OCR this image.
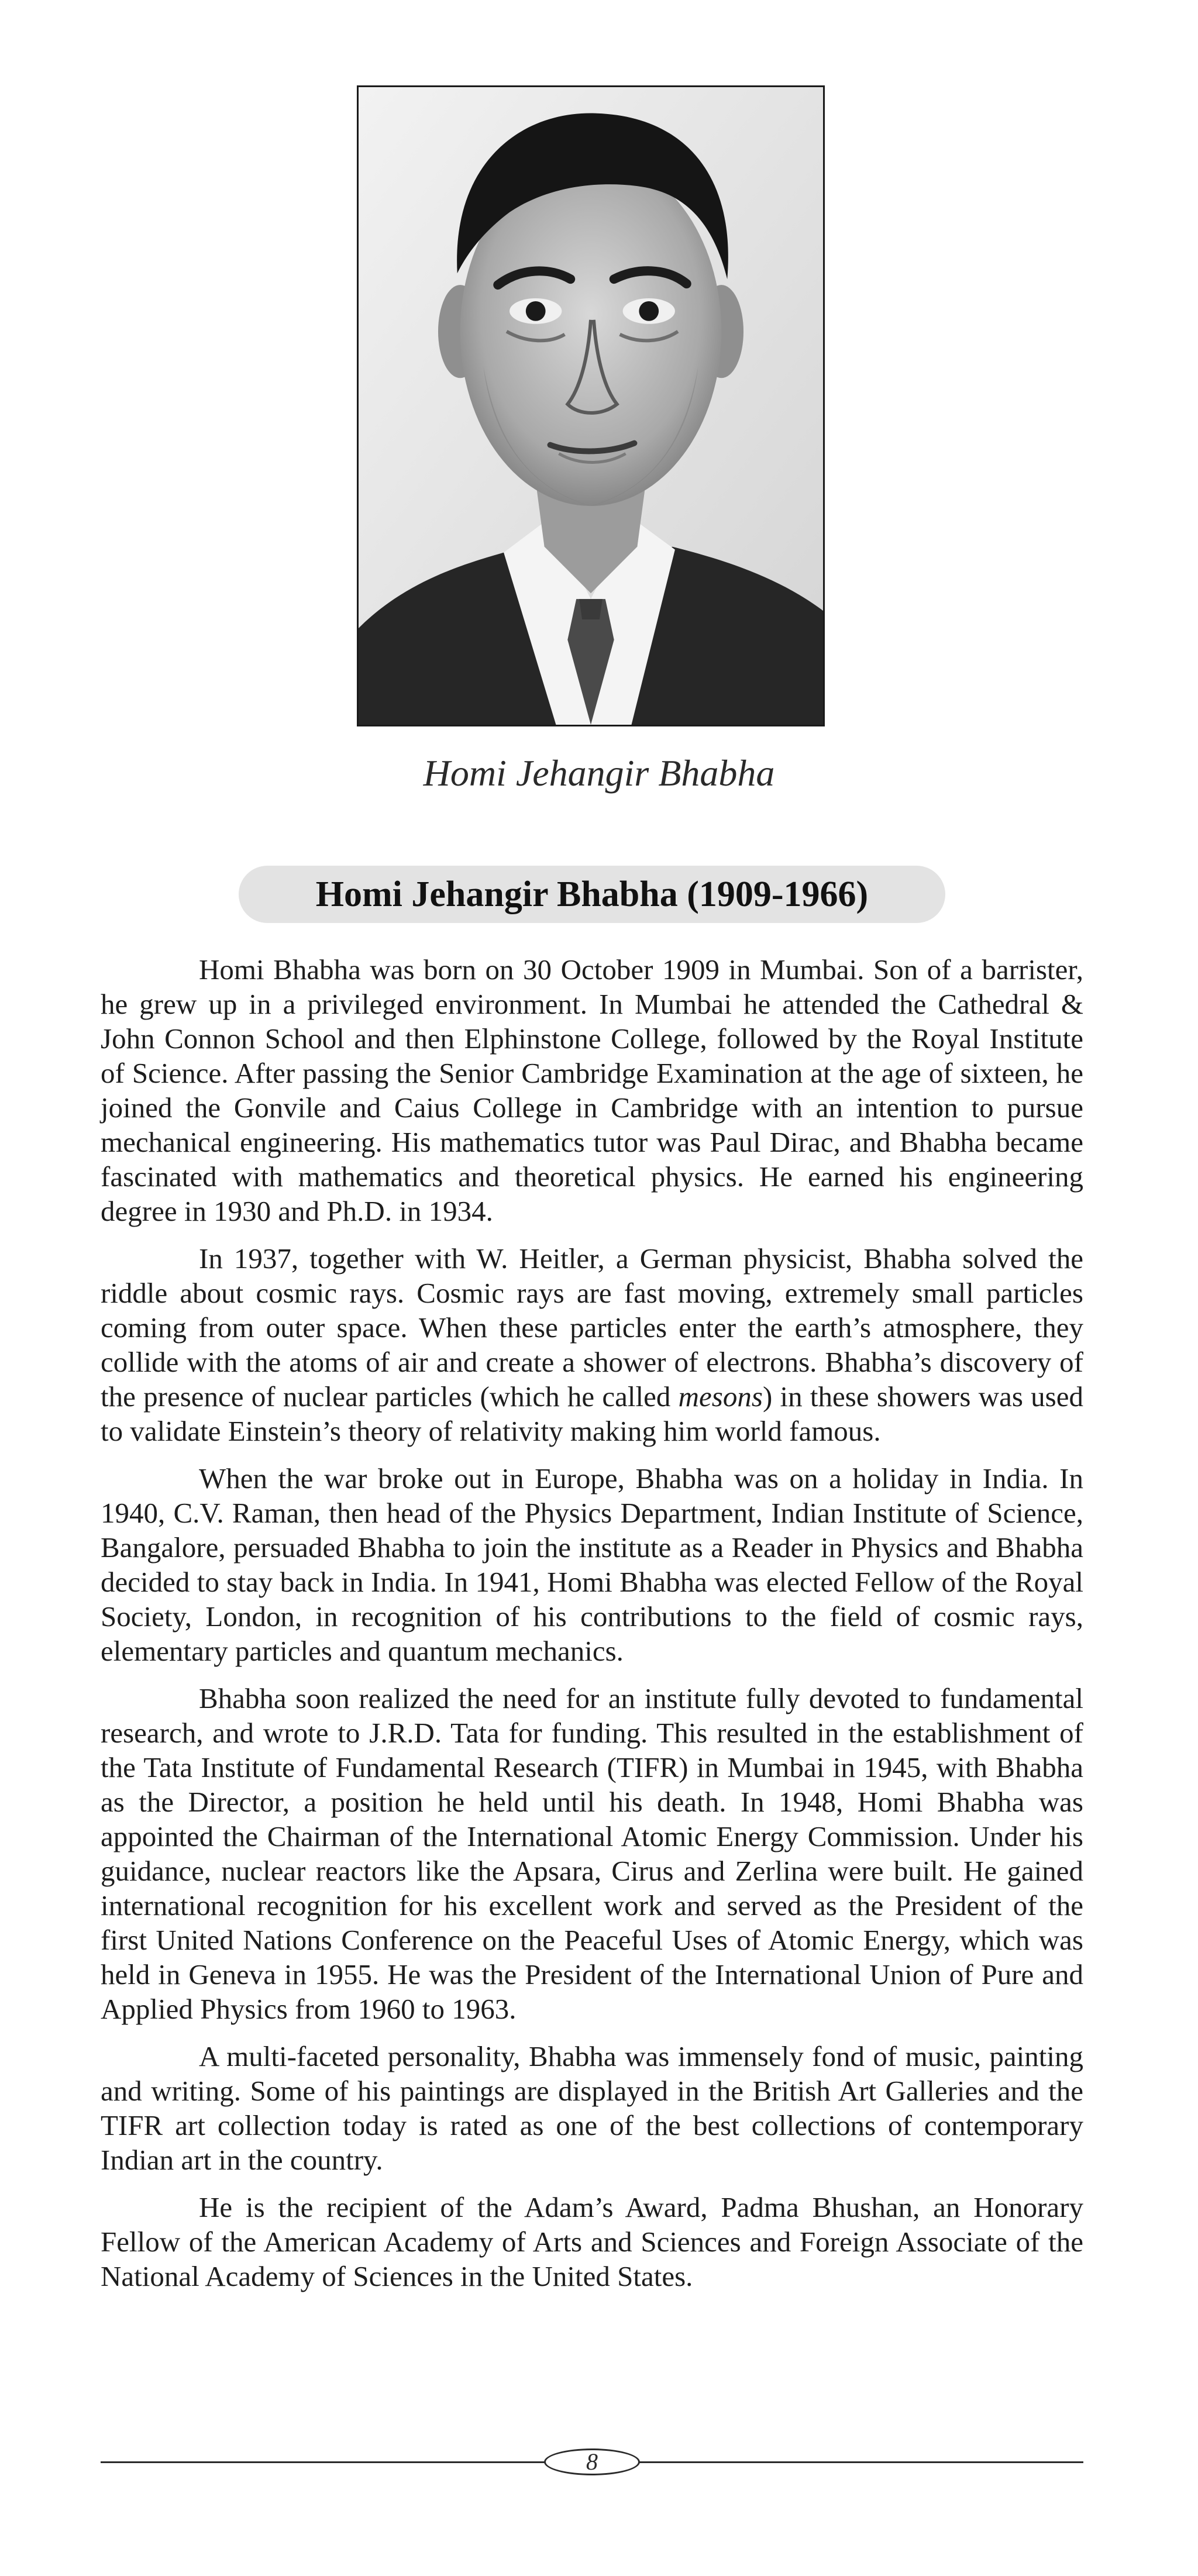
Homi Jehangir Bhabha
Homi Jehangir Bhabha (1909-1966)

Homi Bhabha was born on 30 October 1909 in Mumbai. Son of a barrister, he grew up in a privileged environment. In Mumbai he attended the Cathedral & John Connon School and then Elphinstone College, followed by the Royal Institute of Science. After passing the Senior Cambridge Examination at the age of sixteen, he joined the Gonvile and Caius College in Cambridge with an intention to pursue mechanical engineering. His mathematics tutor was Paul Dirac, and Bhabha became fascinated with mathematics and theoretical physics. He earned his engineering degree in 1930 and Ph.D. in 1934.

In 1937, together with W. Heitler, a German physicist, Bhabha solved the riddle about cosmic rays. Cosmic rays are fast moving, extremely small particles coming from outer space. When these particles enter the earth’s atmosphere, they collide with the atoms of air and create a shower of electrons. Bhabha’s discovery of the presence of nuclear particles (which he called mesons) in these showers was used to validate Einstein’s theory of relativity making him world famous.

When the war broke out in Europe, Bhabha was on a holiday in India. In 1940, C.V. Raman, then head of the Physics Department, Indian Institute of Science, Bangalore, persuaded Bhabha to join the institute as a Reader in Physics and Bhabha decided to stay back in India. In 1941, Homi Bhabha was elected Fellow of the Royal Society, London, in recognition of his contributions to the field of cosmic rays, elementary particles and quantum mechanics.

Bhabha soon realized the need for an institute fully devoted to fundamental research, and wrote to J.R.D. Tata for funding. This resulted in the establishment of the Tata Institute of Fundamental Research (TIFR) in Mumbai in 1945, with Bhabha as the Director, a position he held until his death. In 1948, Homi Bhabha was appointed the Chairman of the International Atomic Energy Commission. Under his guidance, nuclear reactors like the Apsara, Cirus and Zerlina were built. He gained international recognition for his excellent work and served as the President of the first United Nations Conference on the Peaceful Uses of Atomic Energy, which was held in Geneva in 1955. He was the President of the International Union of Pure and Applied Physics from 1960 to 1963.

A multi-faceted personality, Bhabha was immensely fond of music, painting and writing. Some of his paintings are displayed in the British Art Galleries and the TIFR art collection today is rated as one of the best collections of contemporary Indian art in the country.

He is the recipient of the Adam’s Award, Padma Bhushan, an Honorary Fellow of the American Academy of Arts and Sciences and Foreign Associate of the National Academy of Sciences in the United States.

8
